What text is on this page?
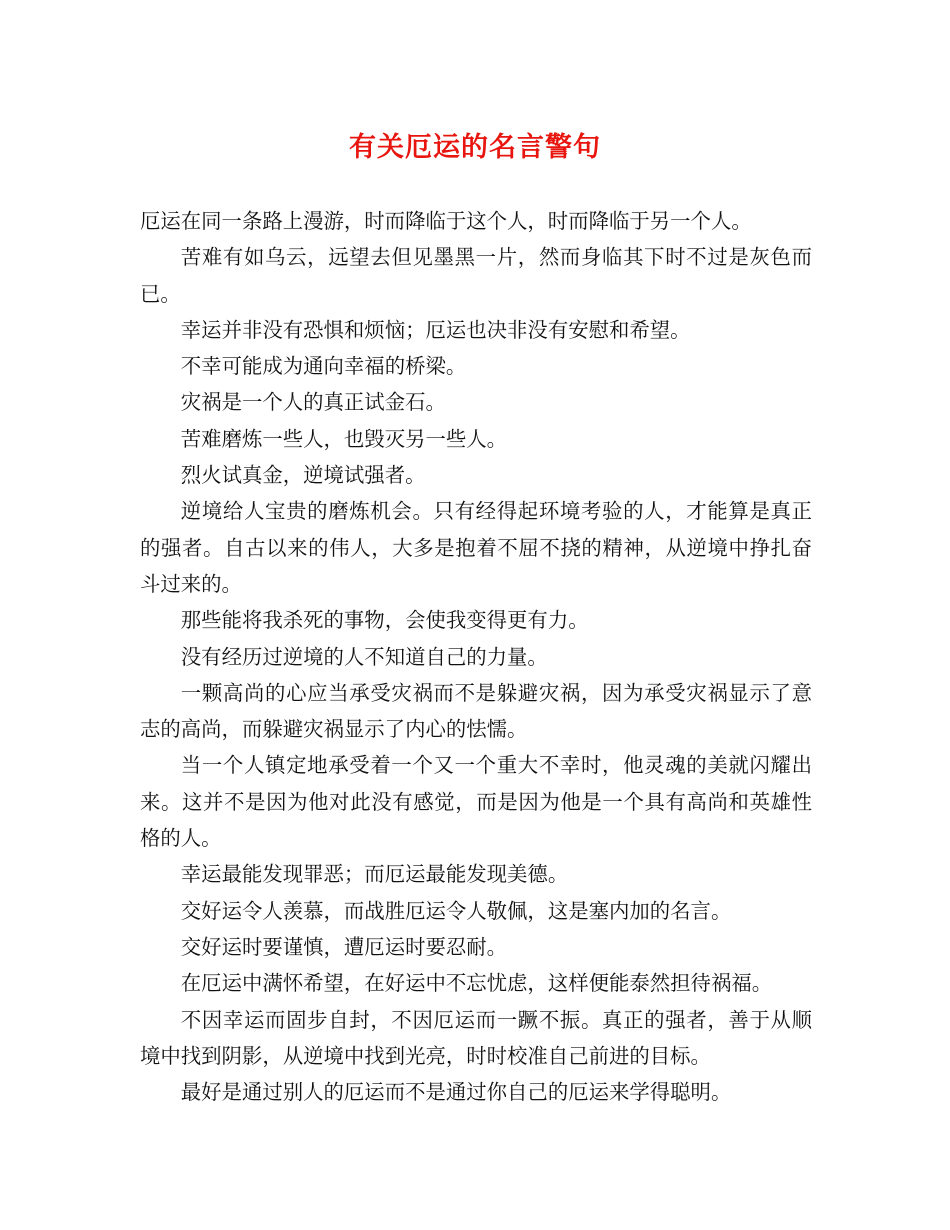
有关厄运的名言警句

厄运在同一条路上漫游，时而降临于这个人，时而降临于另一个人。

苦难有如乌云，远望去但见墨黑一片，然而身临其下时不过是灰色而已。

幸运并非没有恐惧和烦恼；厄运也决非没有安慰和希望。

不幸可能成为通向幸福的桥梁。

灾祸是一个人的真正试金石。

苦难磨炼一些人，也毁灭另一些人。

烈火试真金，逆境试强者。

逆境给人宝贵的磨炼机会。只有经得起环境考验的人，才能算是真正的强者。自古以来的伟人，大多是抱着不屈不挠的精神，从逆境中挣扎奋斗过来的。

那些能将我杀死的事物，会使我变得更有力。

没有经历过逆境的人不知道自己的力量。

一颗高尚的心应当承受灾祸而不是躲避灾祸，因为承受灾祸显示了意志的高尚，而躲避灾祸显示了内心的怯懦。

当一个人镇定地承受着一个又一个重大不幸时，他灵魂的美就闪耀出来。这并不是因为他对此没有感觉，而是因为他是一个具有高尚和英雄性格的人。

幸运最能发现罪恶；而厄运最能发现美德。

交好运令人羡慕，而战胜厄运令人敬佩，这是塞内加的名言。

交好运时要谨慎，遭厄运时要忍耐。

在厄运中满怀希望，在好运中不忘忧虑，这样便能泰然担待祸福。

不因幸运而固步自封，不因厄运而一蹶不振。真正的强者，善于从顺境中找到阴影，从逆境中找到光亮，时时校准自己前进的目标。

最好是通过别人的厄运而不是通过你自己的厄运来学得聪明。
